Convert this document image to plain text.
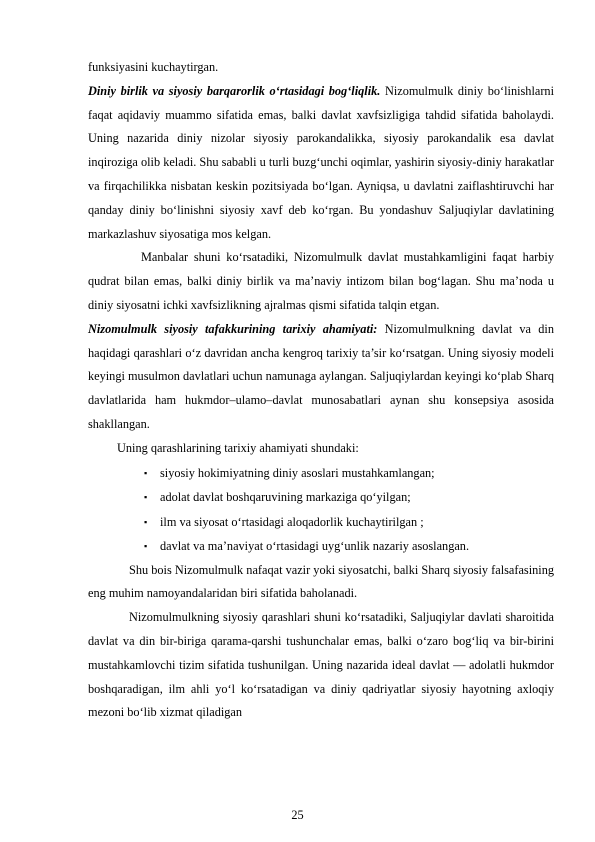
funksiyasini kuchaytirgan.

Diniy birlik va siyosiy barqarorlik o‘rtasidagi bog‘liqlik. Nizomulmulk diniy bo‘linishlarni faqat aqidaviy muammo sifatida emas, balki davlat xavfsizligiga tahdid sifatida baholaydi. Uning nazarida diniy nizolar siyosiy parokandalikka, siyosiy parokandalik esa davlat inqiroziga olib keladi. Shu sababli u turli buzg‘unchi oqimlar, yashirin siyosiy-diniy harakatlar va firqachilikka nisbatan keskin pozitsiyada bo‘lgan. Ayniqsa, u davlatni zaiflashtiruvchi har qanday diniy bo‘linishni siyosiy xavf deb ko‘rgan. Bu yondashuv Saljuqiylar davlatining markazlashuv siyosatiga mos kelgan.

Manbalar shuni ko‘rsatadiki, Nizomulmulk davlat mustahkamligini faqat harbiy qudrat bilan emas, balki diniy birlik va ma’naviy intizom bilan bog‘lagan. Shu ma’noda u diniy siyosatni ichki xavfsizlikning ajralmas qismi sifatida talqin etgan.

Nizomulmulk siyosiy tafakkurining tarixiy ahamiyati: Nizomulmulkning davlat va din haqidagi qarashlari o‘z davridan ancha kengroq tarixiy ta’sir ko‘rsatgan. Uning siyosiy modeli keyingi musulmon davlatlari uchun namunaga aylangan. Saljuqiylardan keyingi ko‘plab Sharq davlatlarida ham hukmdor–ulamo–davlat munosabatlari aynan shu konsepsiya asosida shakllangan.

Uning qarashlarining tarixiy ahamiyati shundaki:

▪ siyosiy hokimiyatning diniy asoslari mustahkamlangan;
▪ adolat davlat boshqaruvining markaziga qo‘yilgan;
▪ ilm va siyosat o‘rtasidagi aloqadorlik kuchaytirilgan ;
▪ davlat va ma’naviyat o‘rtasidagi uyg‘unlik nazariy asoslangan.

Shu bois Nizomulmulk nafaqat vazir yoki siyosatchi, balki Sharq siyosiy falsafasining eng muhim namoyandalaridan biri sifatida baholanadi.

Nizomulmulkning siyosiy qarashlari shuni ko‘rsatadiki, Saljuqiylar davlati sharoitida davlat va din bir-biriga qarama-qarshi tushunchalar emas, balki o‘zaro bog‘liq va bir-birini mustahkamlovchi tizim sifatida tushunilgan. Uning nazarida ideal davlat — adolatli hukmdor boshqaradigan, ilm ahli yo‘l ko‘rsatadigan va diniy qadriyatlar siyosiy hayotning axloqiy mezoni bo‘lib xizmat qiladigan

25
